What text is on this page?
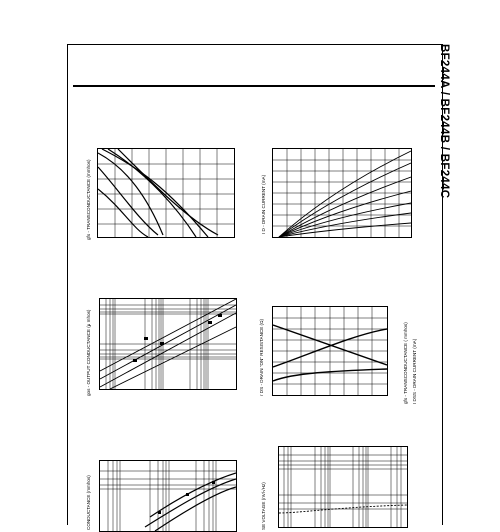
BF244A / BF244B / BF244C
gfs - TRANSCONDUCTANCE (mmhos)	I D - DRAIN CURRENT (mA)
gos - OUTPUT CONDUCTANCE (μ mhos)	r DS - DRAIN "ON" RESISTANCE (Ω)	gfs - TRANSCONDUCTANCE ( mmhos) I DSS - DRAIN CURRENT (mA)
CONDUCTANCE (mmhos)	SE VOLTAGE (nV/√Hz)
